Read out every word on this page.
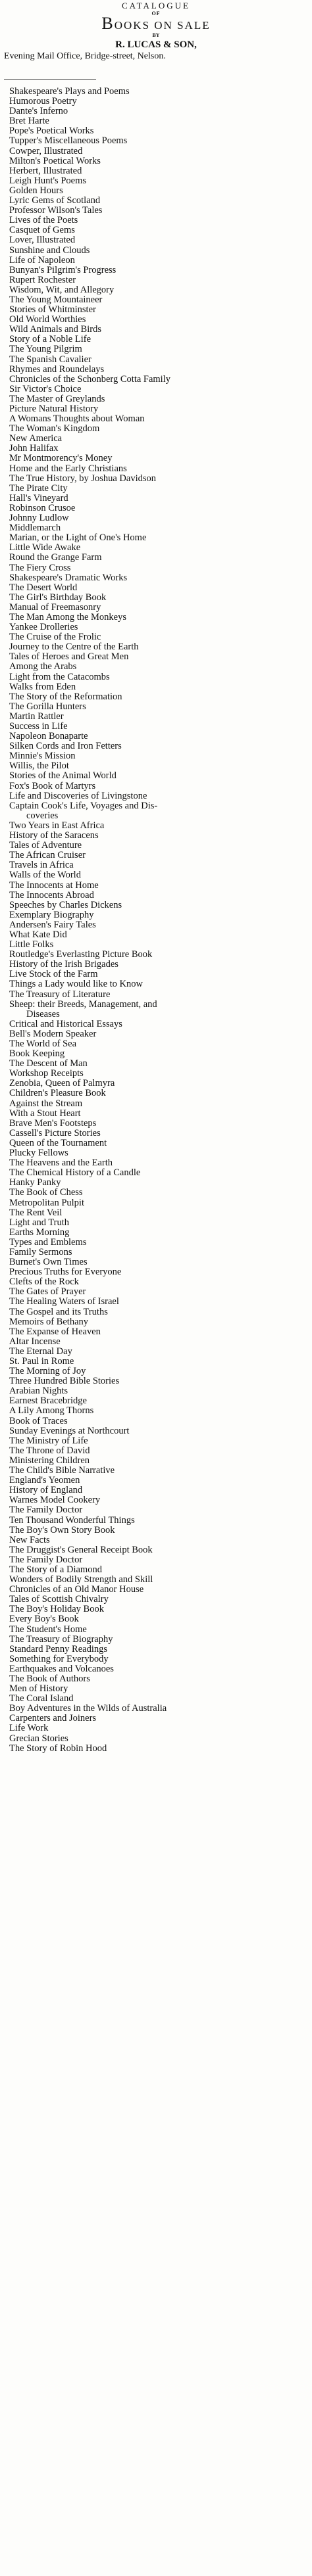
CATALOGUE

OF

BOOKS ON SALE

BY

R. LUCAS & SON,

Evening Mail Office, Bridge-street, Nelson.

Shakespeare's Plays and Poems
Humorous Poetry
Dante's Inferno
Bret Harte
Pope's Poetical Works
Tupper's Miscellaneous Poems
Cowper, Illustrated
Milton's Poetical Works
Herbert, Illustrated
Leigh Hunt's Poems
Golden Hours
Lyric Gems of Scotland
Professor Wilson's Tales
Lives of the Poets
Casquet of Gems
Lover, Illustrated
Sunshine and Clouds
Life of Napoleon
Bunyan's Pilgrim's Progress
Rupert Rochester
Wisdom, Wit, and Allegory
The Young Mountaineer
Stories of Whitminster
Old World Worthies
Wild Animals and Birds
Story of a Noble Life
The Young Pilgrim
The Spanish Cavalier
Rhymes and Roundelays
Chronicles of the Schonberg Cotta Family
Sir Victor's Choice
The Master of Greylands
Picture Natural History
A Womans Thoughts about Woman
The Woman's Kingdom
New America
John Halifax
Mr Montmorency's Money
Home and the Early Christians
The True History, by Joshua Davidson
The Pirate City
Hall's Vineyard
Robinson Crusoe
Johnny Ludlow
Middlemarch
Marian, or the Light of One's Home
Little Wide Awake
Round the Grange Farm
The Fiery Cross
Shakespeare's Dramatic Works
The Desert World
The Girl's Birthday Book
Manual of Freemasonry
The Man Among the Monkeys
Yankee Drolleries
The Cruise of the Frolic
Journey to the Centre of the Earth
Tales of Heroes and Great Men
Among the Arabs
Light from the Catacombs
Walks from Eden
The Story of the Reformation
The Gorilla Hunters
Martin Rattler
Success in Life
Napoleon Bonaparte
Silken Cords and Iron Fetters
Minnie's Mission
Willis, the Pilot
Stories of the Animal World
Fox's Book of Martyrs
Life and Discoveries of Livingstone
Captain Cook's Life, Voyages and Dis-
coveries
Two Years in East Africa
History of the Saracens
Tales of Adventure
The African Cruiser
Travels in Africa
Walls of the World
The Innocents at Home
The Innocents Abroad
Speeches by Charles Dickens
Exemplary Biography
Andersen's Fairy Tales
What Kate Did
Little Folks
Routledge's Everlasting Picture Book
History of the Irish Brigades
Live Stock of the Farm
Things a Lady would like to Know
The Treasury of Literature
Sheep: their Breeds, Management, and
Diseases
Critical and Historical Essays
Bell's Modern Speaker
The World of Sea
Book Keeping
The Descent of Man
Workshop Receipts
Zenobia, Queen of Palmyra
Children's Pleasure Book
Against the Stream
With a Stout Heart
Brave Men's Footsteps
Cassell's Picture Stories
Queen of the Tournament
Plucky Fellows
The Heavens and the Earth
The Chemical History of a Candle
Hanky Panky
The Book of Chess
Metropolitan Pulpit
The Rent Veil
Light and Truth
Earths Morning
Types and Emblems
Family Sermons
Burnet's Own Times
Precious Truths for Everyone
Clefts of the Rock
The Gates of Prayer
The Healing Waters of Israel
The Gospel and its Truths
Memoirs of Bethany
The Expanse of Heaven
Altar Incense
The Eternal Day
St. Paul in Rome
The Morning of Joy
Three Hundred Bible Stories
Arabian Nights
Earnest Bracebridge
A Lily Among Thorns
Book of Traces
Sunday Evenings at Northcourt
The Ministry of Life
The Throne of David
Ministering Children
The Child's Bible Narrative
England's Yeomen
History of England
Warnes Model Cookery
The Family Doctor
Ten Thousand Wonderful Things
The Boy's Own Story Book
New Facts
The Druggist's General Receipt Book
The Family Doctor
The Story of a Diamond
Wonders of Bodily Strength and Skill
Chronicles of an Old Manor House
Tales of Scottish Chivalry
The Boy's Holiday Book
Every Boy's Book
The Student's Home
The Treasury of Biography
Standard Penny Readings
Something for Everybody
Earthquakes and Volcanoes
The Book of Authors
Men of History
The Coral Island
Boy Adventures in the Wilds of Australia
Carpenters and Joiners
Life Work
Grecian Stories
The Story of Robin Hood
